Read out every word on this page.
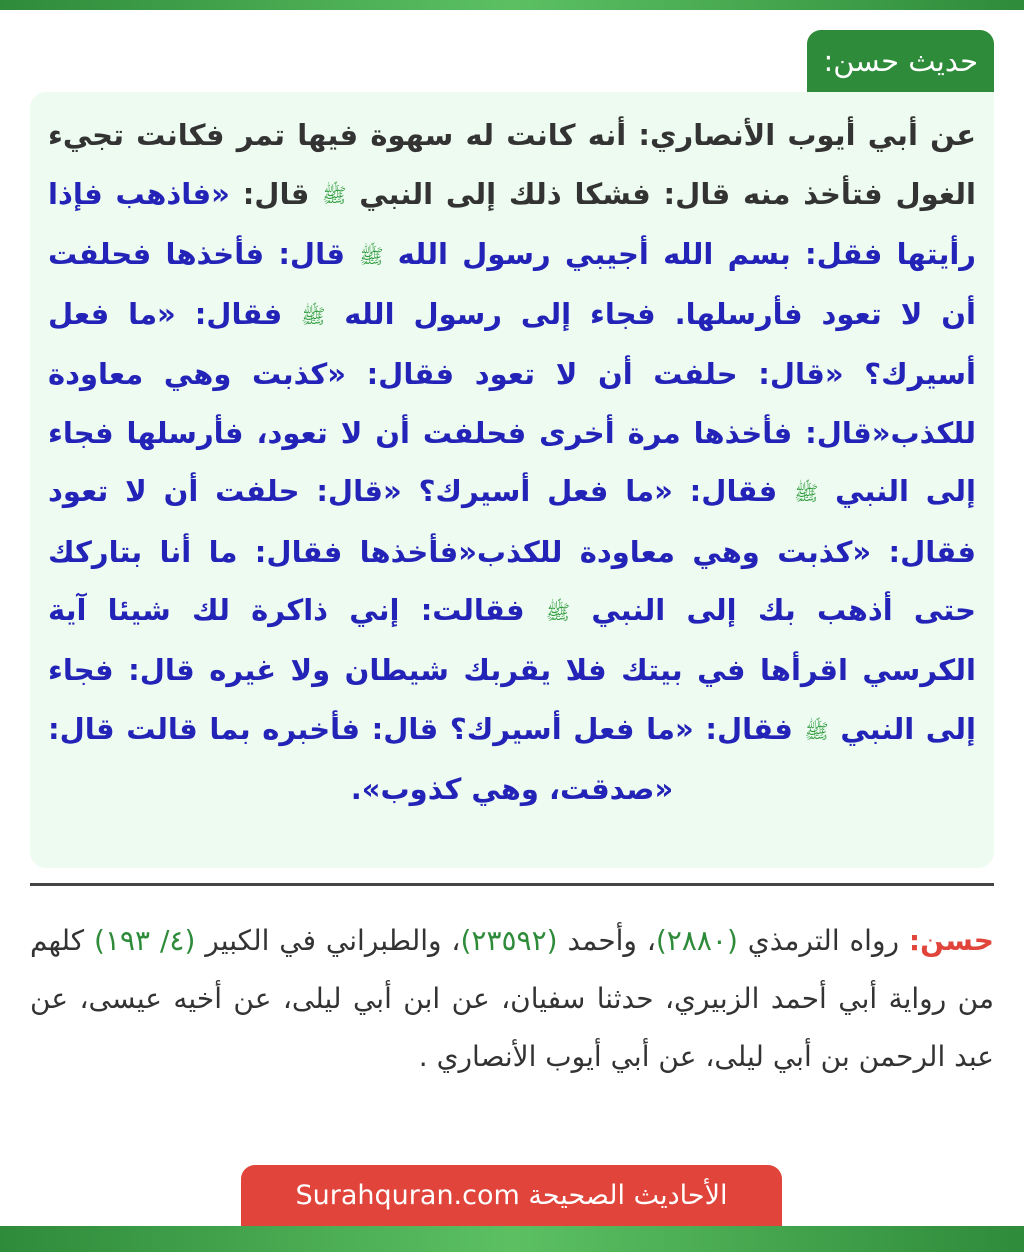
حديث حسن:
عن أبي أيوب الأنصاري: أنه كانت له سهوة فيها تمر فكانت تجيء الغول فتأخذ منه قال: فشكا ذلك إلى النبي ﷺ قال: «فاذهب فإذا رأيتها فقل: بسم الله أجيبي رسول الله ﷺ قال: فأخذها فحلفت أن لا تعود فأرسلها. فجاء إلى رسول الله ﷺ فقال: «ما فعل أسيرك؟ «قال: حلفت أن لا تعود فقال: «كذبت وهي معاودة للكذب«قال: فأخذها مرة أخرى فحلفت أن لا تعود، فأرسلها فجاء إلى النبي ﷺ فقال: «ما فعل أسيرك؟ «قال: حلفت أن لا تعود فقال: «كذبت وهي معاودة للكذب«فأخذها فقال: ما أنا بتاركك حتى أذهب بك إلى النبي ﷺ فقالت: إني ذاكرة لك شيئا آية الكرسي اقرأها في بيتك فلا يقربك شيطان ولا غيره قال: فجاء إلى النبي ﷺ فقال: «ما فعل أسيرك؟ قال: فأخبره بما قالت قال: «صدقت، وهي كذوب».
حسن: رواه الترمذي (٢٨٨٠)، وأحمد (٢٣٥٩٢)، والطبراني في الكبير (٤/ ١٩٣) كلهم من رواية أبي أحمد الزبيري، حدثنا سفيان، عن ابن أبي ليلى، عن أخيه عيسى، عن عبد الرحمن بن أبي ليلى، عن أبي أيوب الأنصاري .
الأحاديث الصحيحة Surahquran.com
